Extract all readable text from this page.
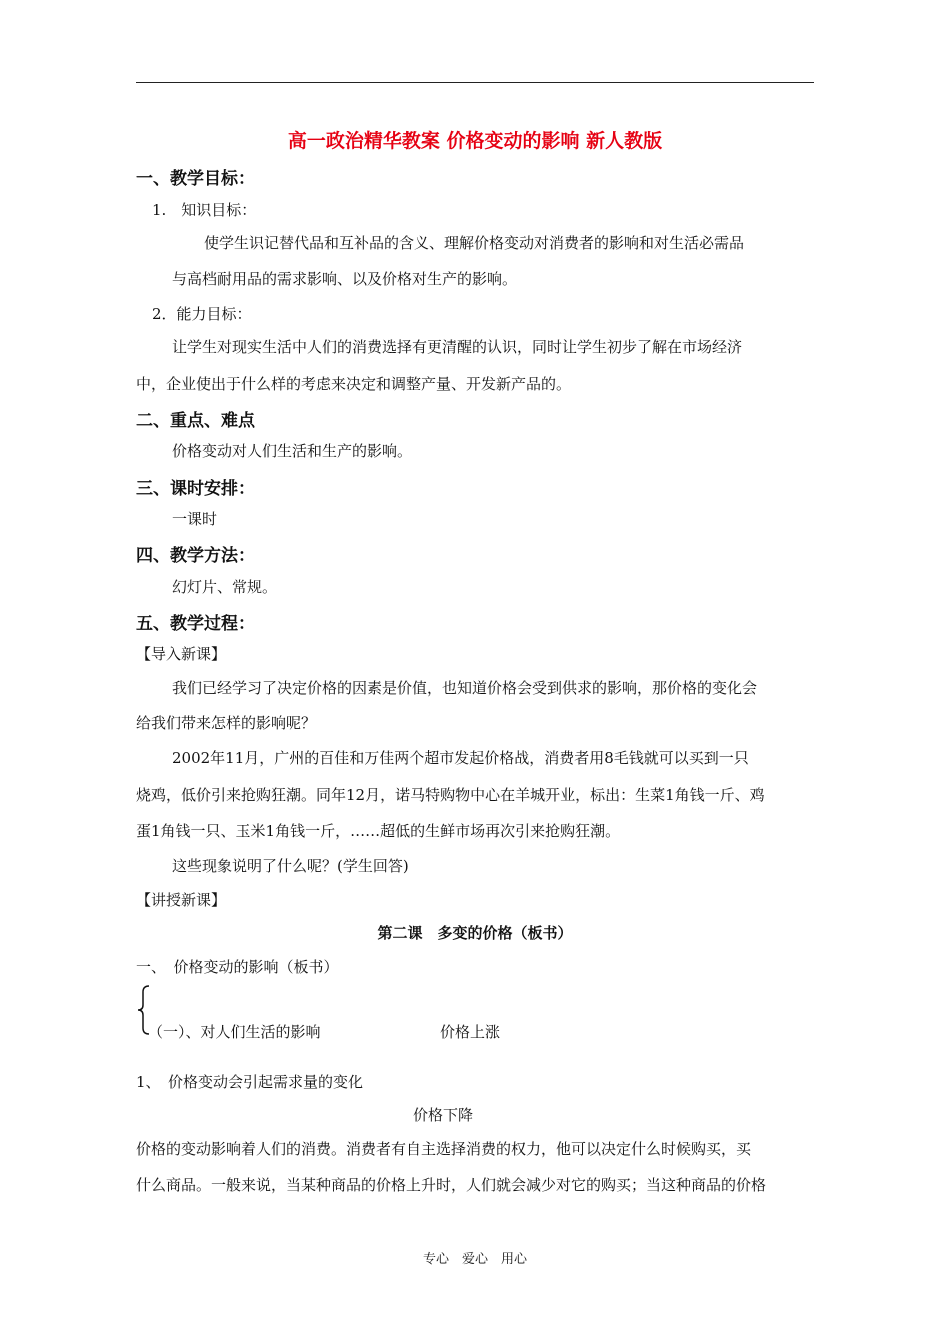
高一政治精华教案 价格变动的影响 新人教版
一、教学目标：
1.　知识目标：
使学生识记替代品和互补品的含义、理解价格变动对消费者的影响和对生活必需品
与高档耐用品的需求影响、以及价格对生产的影响。
2．能力目标：
让学生对现实生活中人们的消费选择有更清醒的认识，同时让学生初步了解在市场经济
中，企业使出于什么样的考虑来决定和调整产量、开发新产品的。
二、重点、难点
价格变动对人们生活和生产的影响。
三、课时安排：
一课时
四、教学方法：
幻灯片、常规。
五、教学过程：
【导入新课】
我们已经学习了决定价格的因素是价值，也知道价格会受到供求的影响，那价格的变化会
给我们带来怎样的影响呢？
2002年11月，广州的百佳和万佳两个超市发起价格战，消费者用8毛钱就可以买到一只
烧鸡，低价引来抢购狂潮。同年12月，诺马特购物中心在羊城开业，标出：生菜1角钱一斤、鸡
蛋1角钱一只、玉米1角钱一斤，……超低的生鲜市场再次引来抢购狂潮。
这些现象说明了什么呢？(学生回答)
【讲授新课】
第二课　多变的价格（板书）
一、　价格变动的影响（板书）
（一）、对人们生活的影响	价格上涨
1、　价格变动会引起需求量的变化
价格下降
价格的变动影响着人们的消费。消费者有自主选择消费的权力，他可以决定什么时候购买，买
什么商品。一般来说，当某种商品的价格上升时，人们就会减少对它的购买；当这种商品的价格
专心　爱心　用心
